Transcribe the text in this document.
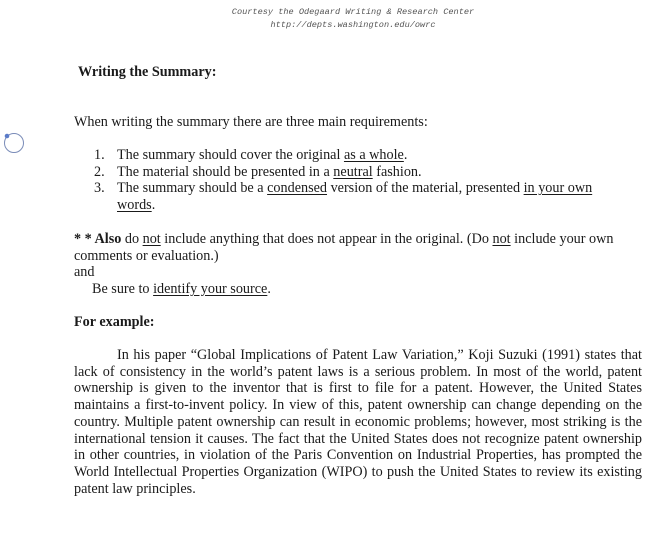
Courtesy the Odegaard Writing & Research Center
http://depts.washington.edu/owrc
Writing the Summary:
When writing the summary there are three main requirements:
1. The summary should cover the original as a whole.
2. The material should be presented in a neutral fashion.
3. The summary should be a condensed version of the material, presented in your own words.
* * Also do not include anything that does not appear in the original. (Do not include your own comments or evaluation.)
and
Be sure to identify your source.
For example:
In his paper “Global Implications of Patent Law Variation,” Koji Suzuki (1991) states that lack of consistency in the world’s patent laws is a serious problem. In most of the world, patent ownership is given to the inventor that is first to file for a patent. However, the United States maintains a first-to-invent policy. In view of this, patent ownership can change depending on the country. Multiple patent ownership can result in economic problems; however, most striking is the international tension it causes. The fact that the United States does not recognize patent ownership in other countries, in violation of the Paris Convention on Industrial Properties, has prompted the World Intellectual Properties Organization (WIPO) to push the United States to review its existing patent law principles.
